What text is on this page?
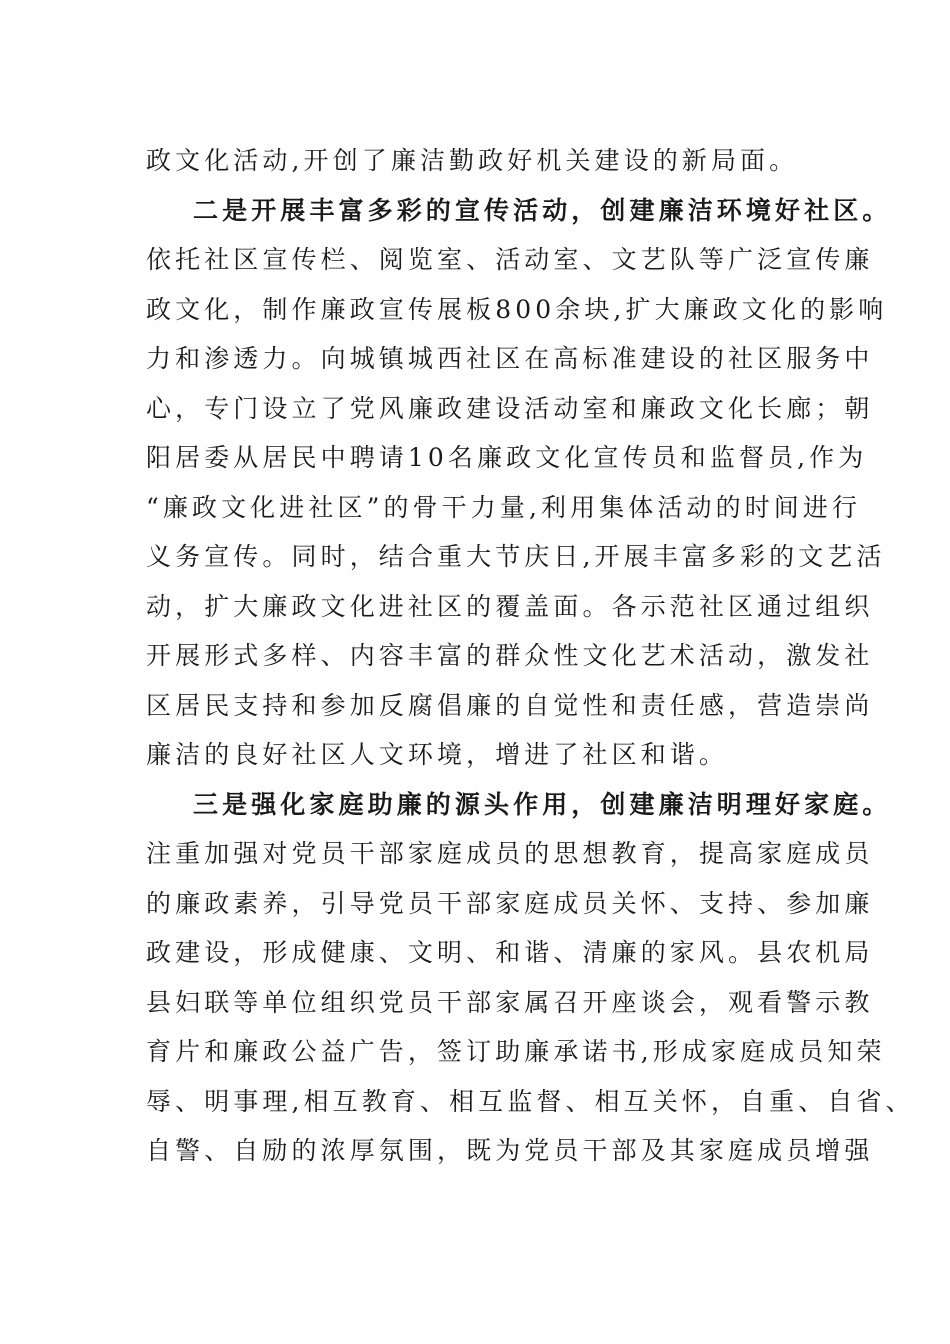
政文化活动,开创了廉洁勤政好机关建设的新局面。
二是开展丰富多彩的宣传活动，创建廉洁环境好社区。
依托社区宣传栏、阅览室、活动室、文艺队等广泛宣传廉
政文化，制作廉政宣传展板800余块,扩大廉政文化的影响
力和渗透力。向城镇城西社区在高标准建设的社区服务中
心，专门设立了党风廉政建设活动室和廉政文化长廊；朝
阳居委从居民中聘请10名廉政文化宣传员和监督员,作为
“廉政文化进社区”的骨干力量,利用集体活动的时间进行
义务宣传。同时，结合重大节庆日,开展丰富多彩的文艺活
动，扩大廉政文化进社区的覆盖面。各示范社区通过组织
开展形式多样、内容丰富的群众性文化艺术活动，激发社
区居民支持和参加反腐倡廉的自觉性和责任感，营造崇尚
廉洁的良好社区人文环境，增进了社区和谐。
三是强化家庭助廉的源头作用，创建廉洁明理好家庭。
注重加强对党员干部家庭成员的思想教育，提高家庭成员
的廉政素养，引导党员干部家庭成员关怀、支持、参加廉
政建设，形成健康、文明、和谐、清廉的家风。县农机局
县妇联等单位组织党员干部家属召开座谈会，观看警示教
育片和廉政公益广告，签订助廉承诺书,形成家庭成员知荣
辱、明事理,相互教育、相互监督、相互关怀，自重、自省、
自警、自励的浓厚氛围，既为党员干部及其家庭成员增强
